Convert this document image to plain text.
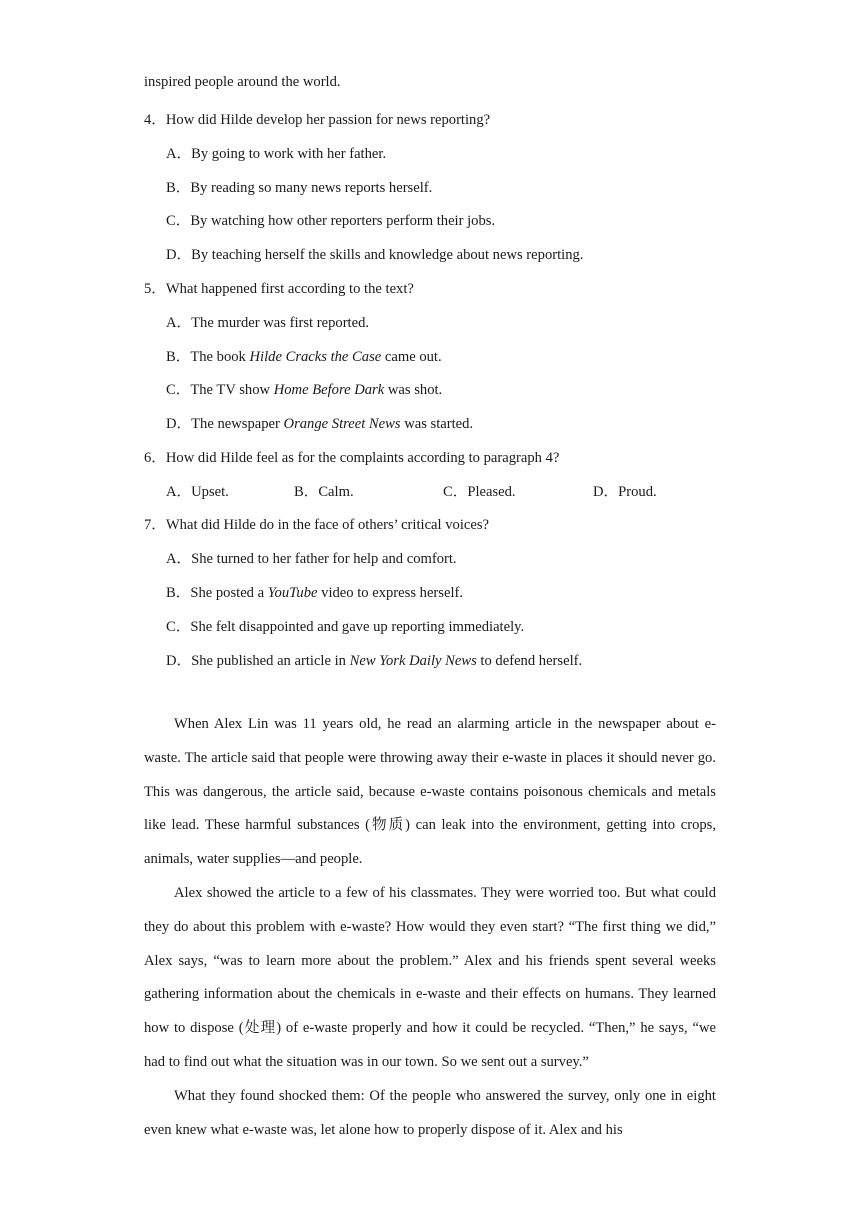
inspired people around the world.
4．How did Hilde develop her passion for news reporting?
A．By going to work with her father.
B．By reading so many news reports herself.
C．By watching how other reporters perform their jobs.
D．By teaching herself the skills and knowledge about news reporting.
5．What happened first according to the text?
A．The murder was first reported.
B．The book Hilde Cracks the Case came out.
C．The TV show Home Before Dark was shot.
D．The newspaper Orange Street News was started.
6．How did Hilde feel as for the complaints according to paragraph 4?
A．Upset.	B．Calm.	C．Pleased.	D．Proud.
7．What did Hilde do in the face of others’ critical voices?
A．She turned to her father for help and comfort.
B．She posted a YouTube video to express herself.
C．She felt disappointed and gave up reporting immediately.
D．She published an article in New York Daily News to defend herself.
When Alex Lin was 11 years old, he read an alarming article in the newspaper about e-waste. The article said that people were throwing away their e-waste in places it should never go. This was dangerous, the article said, because e-waste contains poisonous chemicals and metals like lead. These harmful substances (物质) can leak into the environment, getting into crops, animals, water supplies—and people.
Alex showed the article to a few of his classmates. They were worried too. But what could they do about this problem with e-waste? How would they even start? “The first thing we did,” Alex says, “was to learn more about the problem.” Alex and his friends spent several weeks gathering information about the chemicals in e-waste and their effects on humans. They learned how to dispose (处理) of e-waste properly and how it could be recycled. “Then,” he says, “we had to find out what the situation was in our town. So we sent out a survey.”
What they found shocked them: Of the people who answered the survey, only one in eight even knew what e-waste was, let alone how to properly dispose of it. Alex and his
